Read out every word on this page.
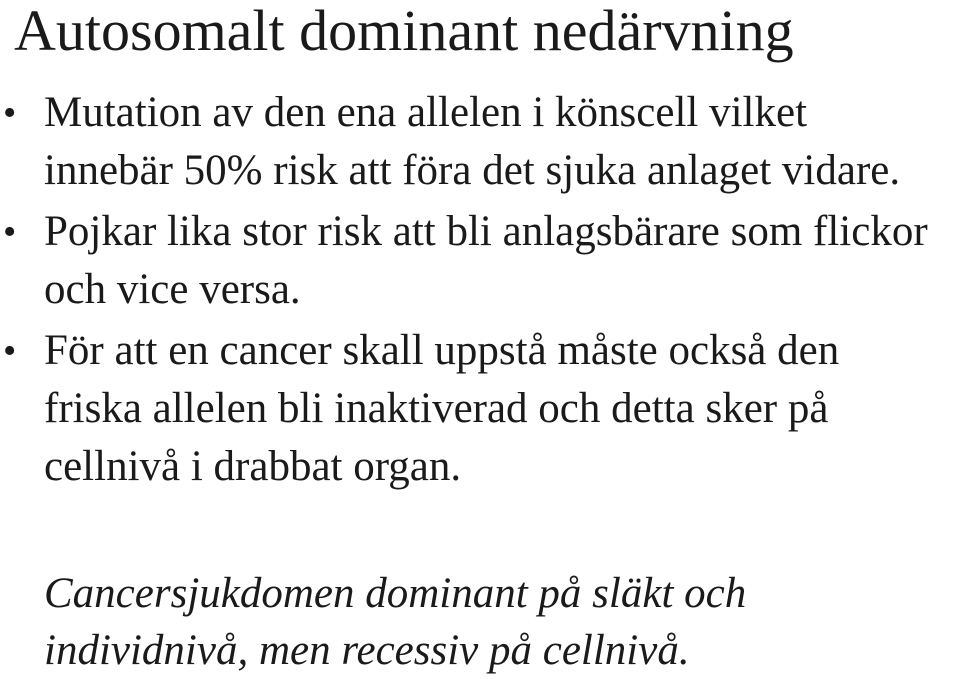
Autosomalt dominant nedärvning
• Mutation av den ena allelen i könscell vilket innebär 50% risk att föra det sjuka anlaget vidare.
• Pojkar lika stor risk att bli anlagsbärare som flickor och vice versa.
• För att en cancer skall uppstå måste också den friska allelen bli inaktiverad och detta sker på cellnivå i drabbat organ.
Cancersjukdomen dominant på släkt och
individnivå, men recessiv på cellnivå.
